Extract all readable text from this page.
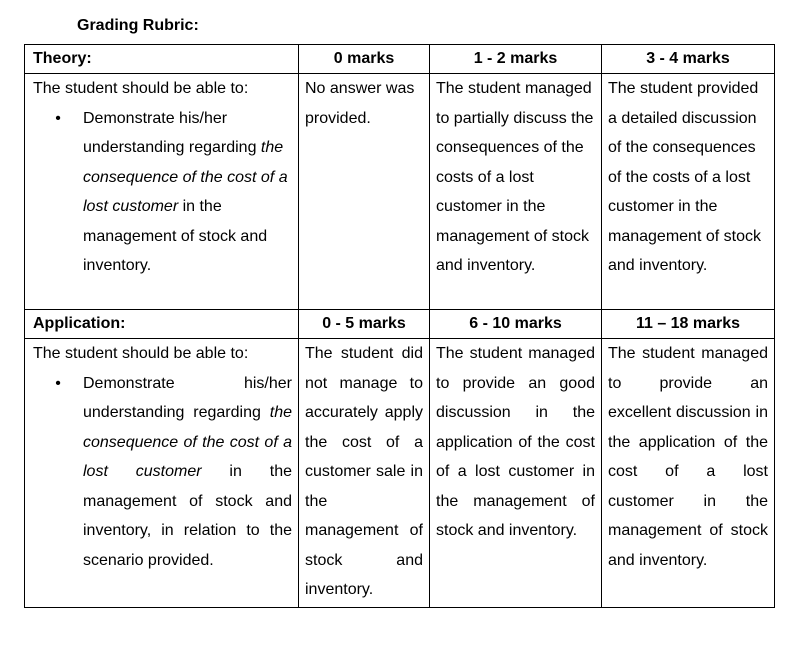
Grading Rubric:

Theory:	0 marks	1 - 2 marks	3 - 4 marks

The student should be able to:
• Demonstrate his/her understanding regarding the consequence of the cost of a lost customer in the management of stock and inventory.	No answer was provided.	The student managed to partially discuss the consequences of the costs of a lost customer in the management of stock and inventory.	The student provided a detailed discussion of the consequences of the costs of a lost customer in the management of stock and inventory.
Application:	0 - 5 marks	6 - 10 marks	11 – 18 marks

The student should be able to:
• Demonstrate his/her understanding regarding the consequence of the cost of a lost customer in the management of stock and inventory, in relation to the scenario provided.	The student did not manage to accurately apply the cost of a customer sale in the management of stock and inventory.	The student managed to provide an good discussion in the application of the cost of a lost customer in the management of stock and inventory.	The student managed to provide an excellent discussion in the application of the cost of a lost customer in the management of stock and inventory.
